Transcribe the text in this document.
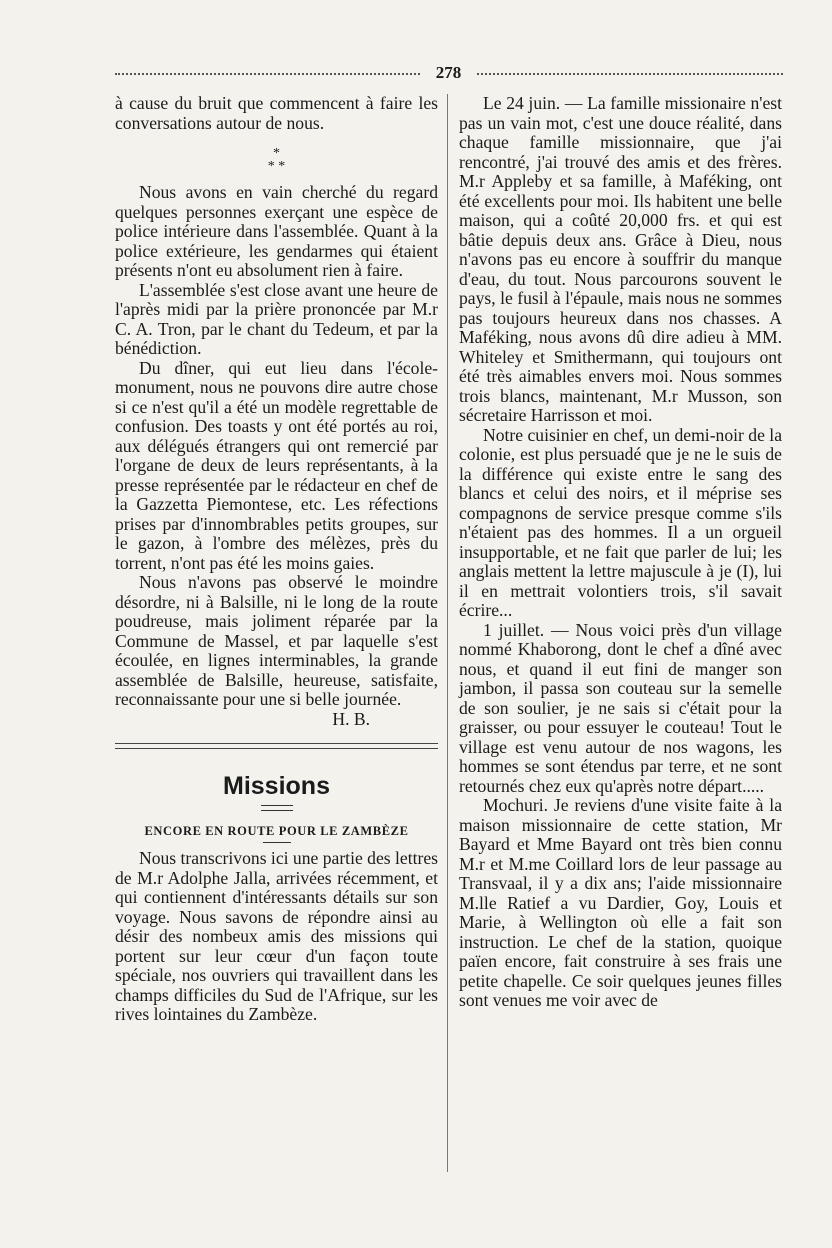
278

à cause du bruit que commencent à faire les conversations autour de nous.

*
* *

Nous avons en vain cherché du regard quelques personnes exerçant une espèce de police intérieure dans l'assemblée. Quant à la police extérieure, les gendarmes qui étaient présents n'ont eu absolument rien à faire.

L'assemblée s'est close avant une heure de l'après midi par la prière prononcée par M.r C. A. Tron, par le chant du Tedeum, et par la bénédiction.

Du dîner, qui eut lieu dans l'école-monument, nous ne pouvons dire autre chose si ce n'est qu'il a été un modèle regrettable de confusion. Des toasts y ont été portés au roi, aux délégués étrangers qui ont remercié par l'organe de deux de leurs représentants, à la presse représentée par le rédacteur en chef de la Gazzetta Piemontese, etc. Les réfections prises par d'innombrables petits groupes, sur le gazon, à l'ombre des mélèzes, près du torrent, n'ont pas été les moins gaies.

Nous n'avons pas observé le moindre désordre, ni à Balsille, ni le long de la route poudreuse, mais joliment réparée par la Commune de Massel, et par laquelle s'est écoulée, en lignes interminables, la grande assemblée de Balsille, heureuse, satisfaite, reconnaissante pour une si belle journée.

H. B.

Missions
ENCORE EN ROUTE POUR LE ZAMBÈZE

Nous transcrivons ici une partie des lettres de M.r Adolphe Jalla, arrivées récemment, et qui contiennent d'intéressants détails sur son voyage. Nous savons de répondre ainsi au désir des nombeux amis des missions qui portent sur leur cœur d'un façon toute spéciale, nos ouvriers qui travaillent dans les champs difficiles du Sud de l'Afrique, sur les rives lointaines du Zambèze.

Le 24 juin. — La famille missionaire n'est pas un vain mot, c'est une douce réalité, dans chaque famille missionnaire, que j'ai rencontré, j'ai trouvé des amis et des frères. M.r Appleby et sa famille, à Maféking, ont été excellents pour moi. Ils habitent une belle maison, qui a coûté 20,000 frs. et qui est bâtie depuis deux ans. Grâce à Dieu, nous n'avons pas eu encore à souffrir du manque d'eau, du tout. Nous parcourons souvent le pays, le fusil à l'épaule, mais nous ne sommes pas toujours heureux dans nos chasses. A Maféking, nous avons dû dire adieu à MM. Whiteley et Smithermann, qui toujours ont été très aimables envers moi. Nous sommes trois blancs, maintenant, M.r Musson, son sécretaire Harrisson et moi.

Notre cuisinier en chef, un demi-noir de la colonie, est plus persuadé que je ne le suis de la différence qui existe entre le sang des blancs et celui des noirs, et il méprise ses compagnons de service presque comme s'ils n'étaient pas des hommes. Il a un orgueil insupportable, et ne fait que parler de lui; les anglais mettent la lettre majuscule à je (I), lui il en mettrait volontiers trois, s'il savait écrire...

1 juillet. — Nous voici près d'un village nommé Khaborong, dont le chef a dîné avec nous, et quand il eut fini de manger son jambon, il passa son couteau sur la semelle de son soulier, je ne sais si c'était pour la graisser, ou pour essuyer le couteau! Tout le village est venu autour de nos wagons, les hommes se sont étendus par terre, et ne sont retournés chez eux qu'après notre départ.....

Mochuri. Je reviens d'une visite faite à la maison missionnaire de cette station, Mr Bayard et Mme Bayard ont très bien connu M.r et M.me Coillard lors de leur passage au Transvaal, il y a dix ans; l'aide missionnaire M.lle Ratief a vu Dardier, Goy, Louis et Marie, à Wellington où elle a fait son instruction. Le chef de la station, quoique païen encore, fait construire à ses frais une petite chapelle. Ce soir quelques jeunes filles sont venues me voir avec de
